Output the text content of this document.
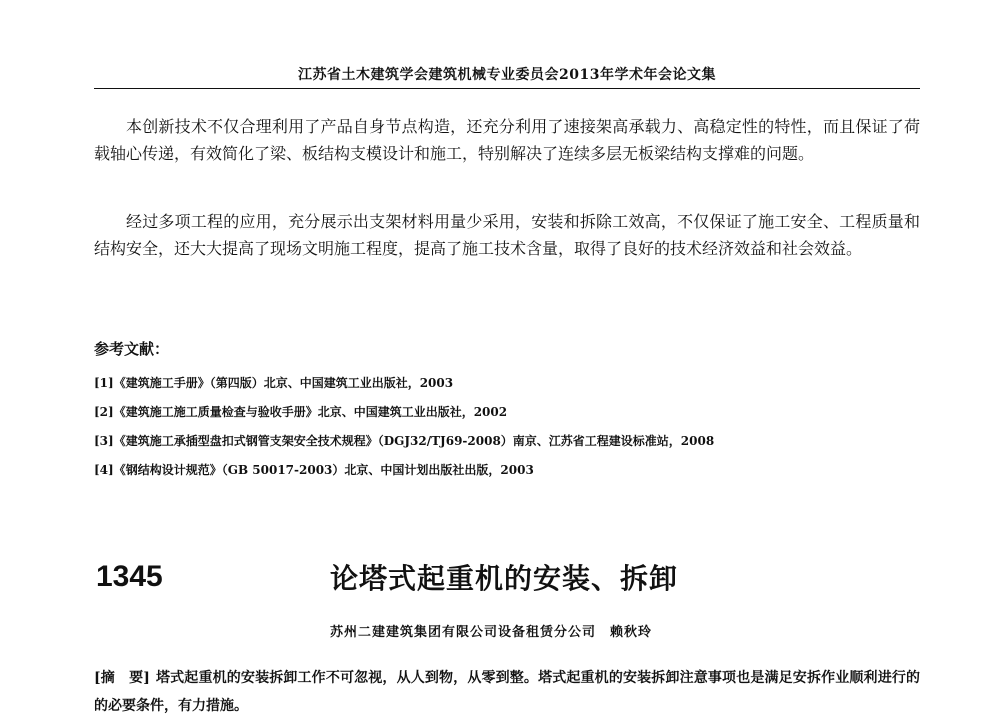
江苏省土木建筑学会建筑机械专业委员会2013年学术年会论文集

本创新技术不仅合理利用了产品自身节点构造，还充分利用了速接架高承载力、高稳定性的特性，而且保证了荷载轴心传递，有效简化了梁、板结构支模设计和施工，特别解决了连续多层无板梁结构支撑难的问题。

经过多项工程的应用，充分展示出支架材料用量少采用，安装和拆除工效高，不仅保证了施工安全、工程质量和结构安全，还大大提高了现场文明施工程度，提高了施工技术含量，取得了良好的技术经济效益和社会效益。

参考文献：
[1]《建筑施工手册》（第四版）北京、中国建筑工业出版社，2003
[2]《建筑施工施工质量检查与验收手册》北京、中国建筑工业出版社，2002
[3]《建筑施工承插型盘扣式钢管支架安全技术规程》（DGJ32/TJ69-2008）南京、江苏省工程建设标准站，2008
[4]《钢结构设计规范》（GB 50017-2003）北京、中国计划出版社出版，2003
1345	论塔式起重机的安装、拆卸
苏州二建建筑集团有限公司设备租赁分公司　赖秋玲

[摘　要] 塔式起重机的安装拆卸工作不可忽视，从人到物，从零到整。塔式起重机的安装拆卸注意事项也是满足安拆作业顺利进行的的必要条件，有力措施。
